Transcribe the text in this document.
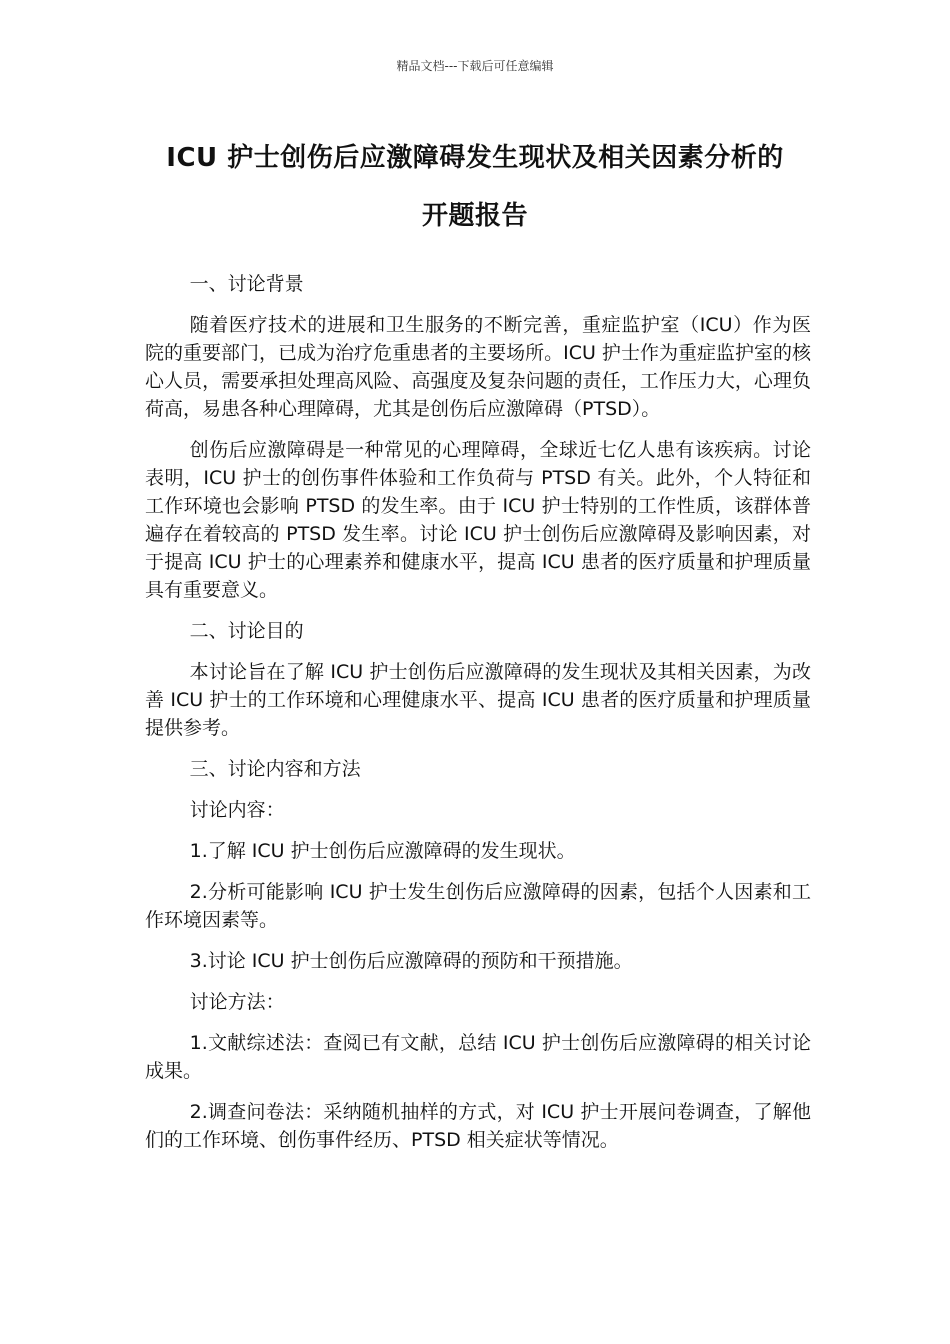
精品文档---下载后可任意编辑
ICU 护士创伤后应激障碍发生现状及相关因素分析的
开题报告

一、讨论背景

随着医疗技术的进展和卫生服务的不断完善，重症监护室（ICU）作为医院的重要部门，已成为治疗危重患者的主要场所。ICU 护士作为重症监护室的核心人员，需要承担处理高风险、高强度及复杂问题的责任，工作压力大，心理负荷高，易患各种心理障碍，尤其是创伤后应激障碍（PTSD）。

创伤后应激障碍是一种常见的心理障碍，全球近七亿人患有该疾病。讨论表明，ICU 护士的创伤事件体验和工作负荷与 PTSD 有关。此外，个人特征和工作环境也会影响 PTSD 的发生率。由于 ICU 护士特别的工作性质，该群体普遍存在着较高的 PTSD 发生率。讨论 ICU 护士创伤后应激障碍及影响因素，对于提高 ICU 护士的心理素养和健康水平，提高 ICU 患者的医疗质量和护理质量具有重要意义。

二、讨论目的

本讨论旨在了解 ICU 护士创伤后应激障碍的发生现状及其相关因素，为改善 ICU 护士的工作环境和心理健康水平、提高 ICU 患者的医疗质量和护理质量提供参考。

三、讨论内容和方法

讨论内容：

1.了解 ICU 护士创伤后应激障碍的发生现状。

2.分析可能影响 ICU 护士发生创伤后应激障碍的因素，包括个人因素和工作环境因素等。

3.讨论 ICU 护士创伤后应激障碍的预防和干预措施。

讨论方法：

1.文献综述法：查阅已有文献，总结 ICU 护士创伤后应激障碍的相关讨论成果。

2.调查问卷法：采纳随机抽样的方式，对 ICU 护士开展问卷调查，了解他们的工作环境、创伤事件经历、PTSD 相关症状等情况。
